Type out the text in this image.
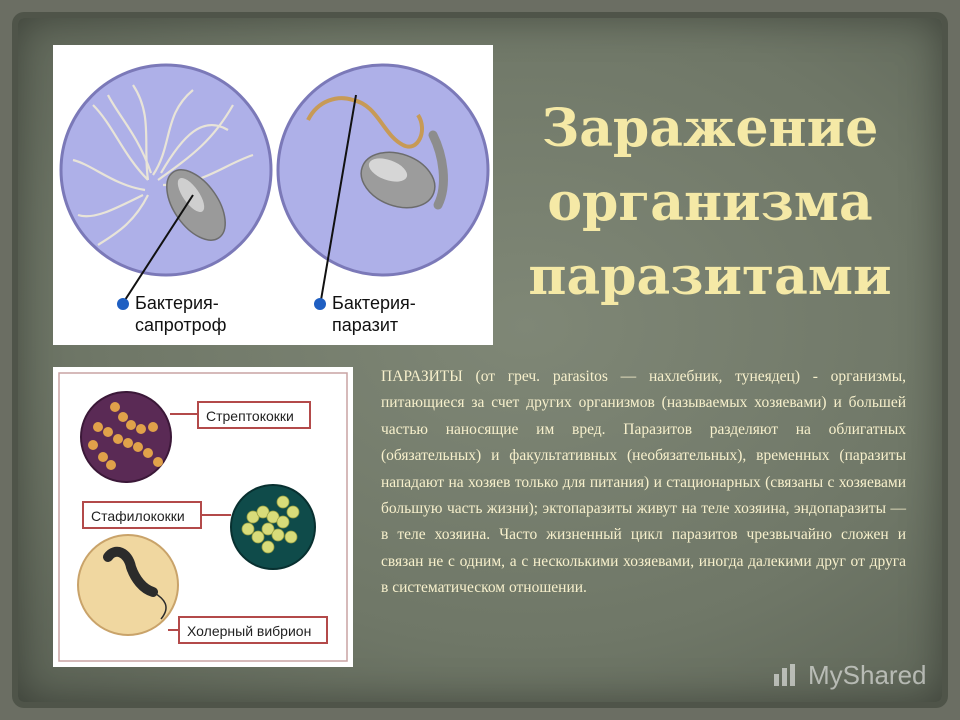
Бактерия-
сапротроф
Бактерия-
паразит
Стрептококки
Стафилококки
Холерный вибрион
Заражение
организма
паразитами

ПАРАЗИТЫ (от греч. parasitos — нахлебник, тунеядец) - организмы, питающиеся за счет других организмов (называемых хозяевами) и большей частью наносящие им вред. Паразитов разделяют на облигатных (обязательных) и факультативных (необязательных), временных (паразиты нападают на хозяев только для питания) и стационарных (связаны с хозяевами большую часть жизни); эктопаразиты живут на теле хозяина, эндопаразиты — в теле хозяина. Часто жизненный цикл паразитов чрезвычайно сложен и связан не с одним, а с несколькими хозяевами, иногда далекими друг от друга в систематическом отношении.

MyShared
